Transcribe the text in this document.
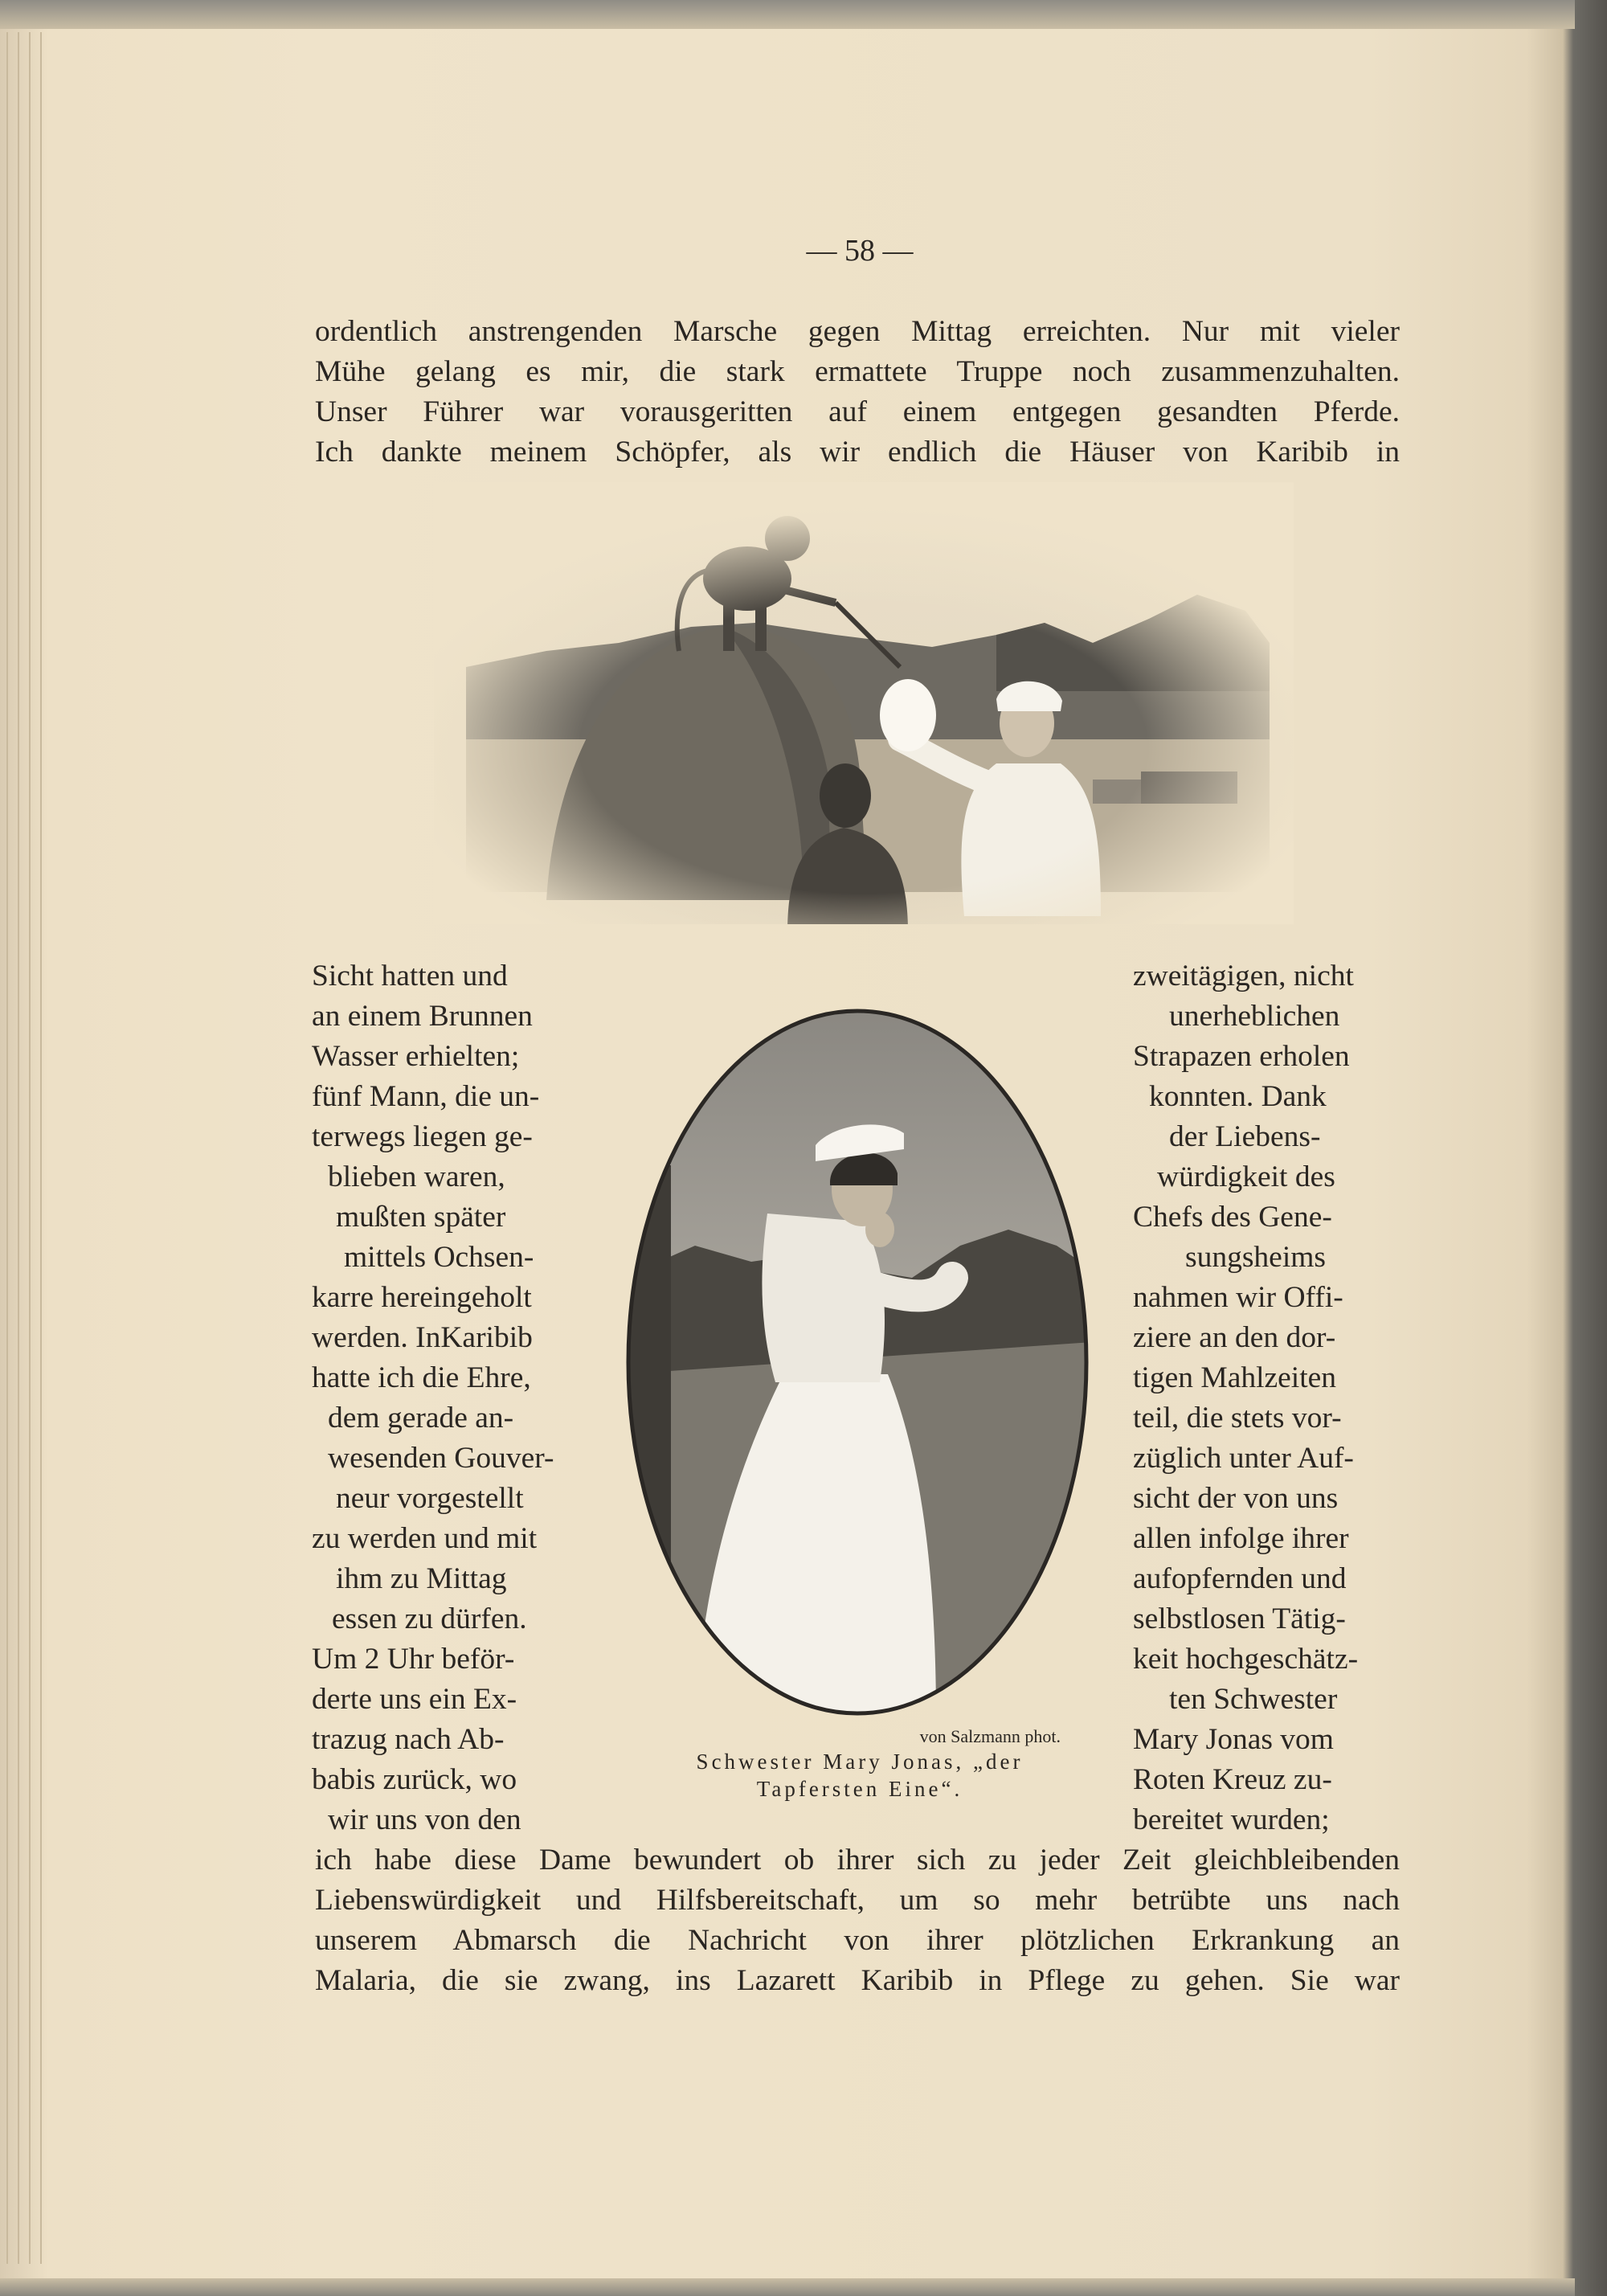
— 58 —
ordentlich anstrengenden Marsche gegen Mittag erreichten. Nur mit vieler
Mühe gelang es mir, die stark ermattete Truppe noch zusammenzuhalten.
Unser Führer war vorausgeritten auf einem entgegen gesandten Pferde.
Ich dankte meinem Schöpfer, als wir endlich die Häuser von Karibib in
Sicht hatten und
an einem Brunnen
Wasser erhielten;
fünf Mann, die un-
terwegs liegen ge-
blieben waren,
mußten später
mittels Ochsen-
karre hereingeholt
werden. InKaribib
hatte ich die Ehre,
dem gerade an-
wesenden Gouver-
neur vorgestellt
zu werden und mit
ihm zu Mittag
essen zu dürfen.
Um 2 Uhr beför-
derte uns ein Ex-
trazug nach Ab-
babis zurück, wo
wir uns von den
von Salzmann phot.
Schwester Mary Jonas, „der
Tapfersten Eine“.
zweitägigen, nicht
unerheblichen
Strapazen erholen
konnten. Dank
der Liebens-
würdigkeit des
Chefs des Gene-
sungsheims
nahmen wir Offi-
ziere an den dor-
tigen Mahlzeiten
teil, die stets vor-
züglich unter Auf-
sicht der von uns
allen infolge ihrer
aufopfernden und
selbstlosen Tätig-
keit hochgeschätz-
ten Schwester
Mary Jonas vom
Roten Kreuz zu-
bereitet wurden;
ich habe diese Dame bewundert ob ihrer sich zu jeder Zeit gleichbleibenden
Liebenswürdigkeit und Hilfsbereitschaft, um so mehr betrübte uns nach
unserem Abmarsch die Nachricht von ihrer plötzlichen Erkrankung an
Malaria, die sie zwang, ins Lazarett Karibib in Pflege zu gehen. Sie war
